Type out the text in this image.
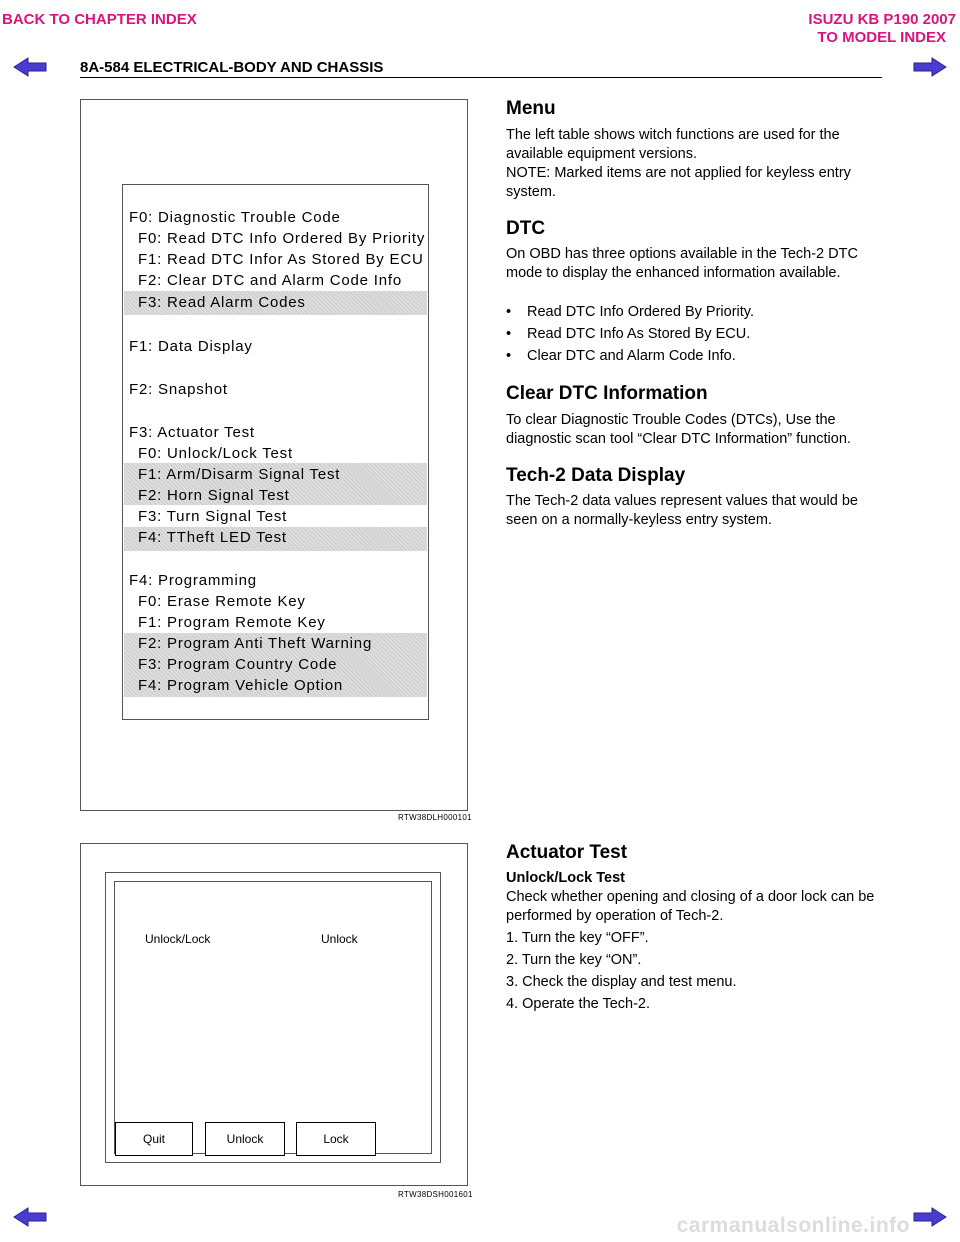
BACK TO CHAPTER INDEX	ISUZU KB P190 2007
TO MODEL INDEX
8A-584 ELECTRICAL-BODY AND CHASSIS
F0: Diagnostic Trouble Code
F0: Read DTC Info Ordered By Priority
F1: Read DTC Infor As Stored By ECU
F2: Clear DTC and Alarm Code Info
F3: Read Alarm Codes
F1: Data Display
F2: Snapshot
F3: Actuator Test
F0: Unlock/Lock Test
F1: Arm/Disarm Signal Test
F2: Horn Signal Test
F3: Turn Signal Test
F4: TTheft LED Test
F4: Programming
F0: Erase Remote Key
F1: Program Remote Key
F2: Program Anti Theft Warning
F3: Program Country Code
F4: Program Vehicle Option
RTW38DLH000101
Menu
The left table shows witch functions are used for the available equipment versions.
NOTE: Marked items are not applied for keyless entry system.
DTC
On OBD has three options available in the Tech-2 DTC mode to display the enhanced information available.
• Read DTC Info Ordered By Priority.
• Read DTC Info As Stored By ECU.
• Clear DTC and Alarm Code Info.
Clear DTC Information
To clear Diagnostic Trouble Codes (DTCs), Use the diagnostic scan tool “Clear DTC Information” function.
Tech-2 Data Display
The Tech-2 data values represent values that would be seen on a normally-keyless entry system.
Unlock/Lock	Unlock
Quit	Unlock	Lock
RTW38DSH001601
Actuator Test
Unlock/Lock Test
Check whether opening and closing of a door lock can be performed by operation of Tech-2.
1. Turn the key “OFF”.
2. Turn the key “ON”.
3. Check the display and test menu.
4. Operate the Tech-2.
carmanualsonline.info
